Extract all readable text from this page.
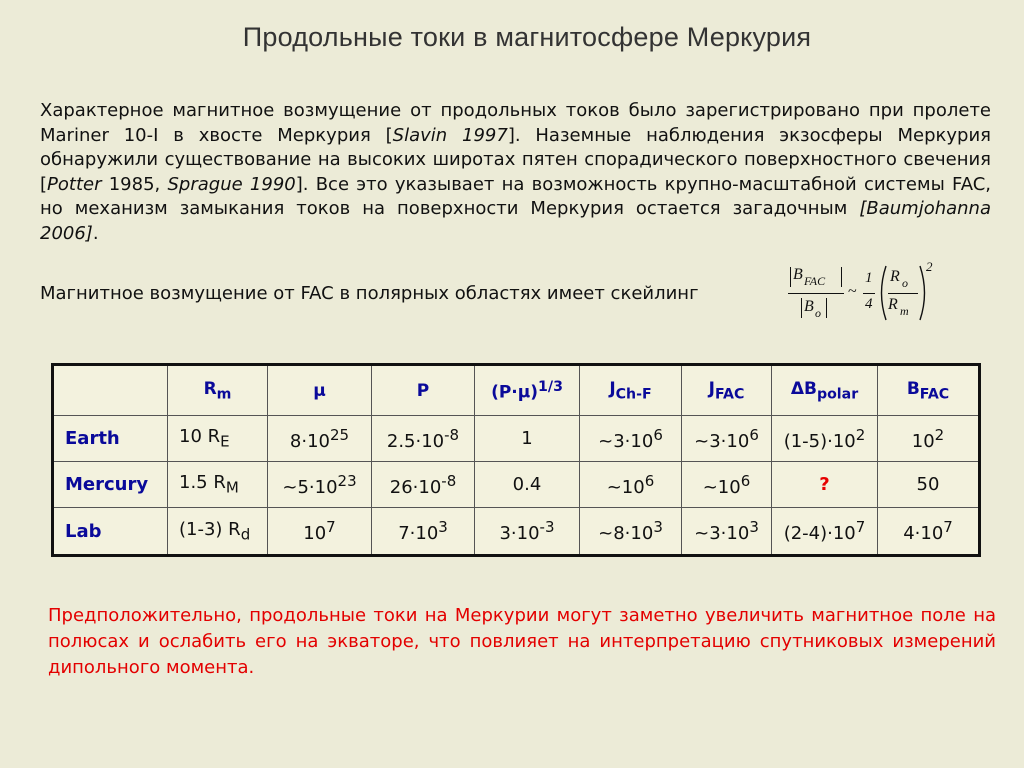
Продольные токи в магнитосфере Меркурия
Характерное магнитное возмущение от продольных токов было зарегистрировано при пролете Mariner 10-I в хвосте Меркурия [Slavin 1997]. Наземные наблюдения экзосферы Меркурия обнаружили существование на высоких широтах пятен спорадического поверхностного свечения [Potter 1985, Sprague 1990]. Все это указывает на возможность крупно-масштабной системы FAC, но механизм замыкания токов на поверхности Меркурия остается загадочным [Baumjohanna 2006].
Магнитное возмущение от FAC в полярных областях имеет скейлинг
B FAC
B o
~
1
4
R o
R m
2
	$R_m$	μ	P	$(P\cdot\mu)^{1/3}$	$J_{Ch-F}$	$J_{FAC}$	$\Delta B_{polar}$	$B_{FAC}$
Earth	10 $R_E$	$8\cdot 10^{25}$	$2.5\cdot 10^{-8}$	1	$\sim 3\cdot 10^6$	$\sim 3\cdot 10^6$	$(1-5)\cdot 10^2$	$10^2$
Mercury	1.5 $R_M$	$\sim 5\cdot 10^{23}$	$26\cdot 10^{-8}$	0.4	$\sim 10^6$	$\sim 10^6$	?	50
Lab	(1-3) $R_d$	$10^7$	$7\cdot 10^3$	$3\cdot 10^{-3}$	$\sim 8\cdot 10^3$	$\sim 3\cdot 10^3$	$(2-4)\cdot 10^7$	$4\cdot 10^7$
Предположительно, продольные токи на Меркурии могут заметно увеличить магнитное поле на полюсах и ослабить его на экваторе, что повлияет на интерпретацию спутниковых измерений дипольного момента.
